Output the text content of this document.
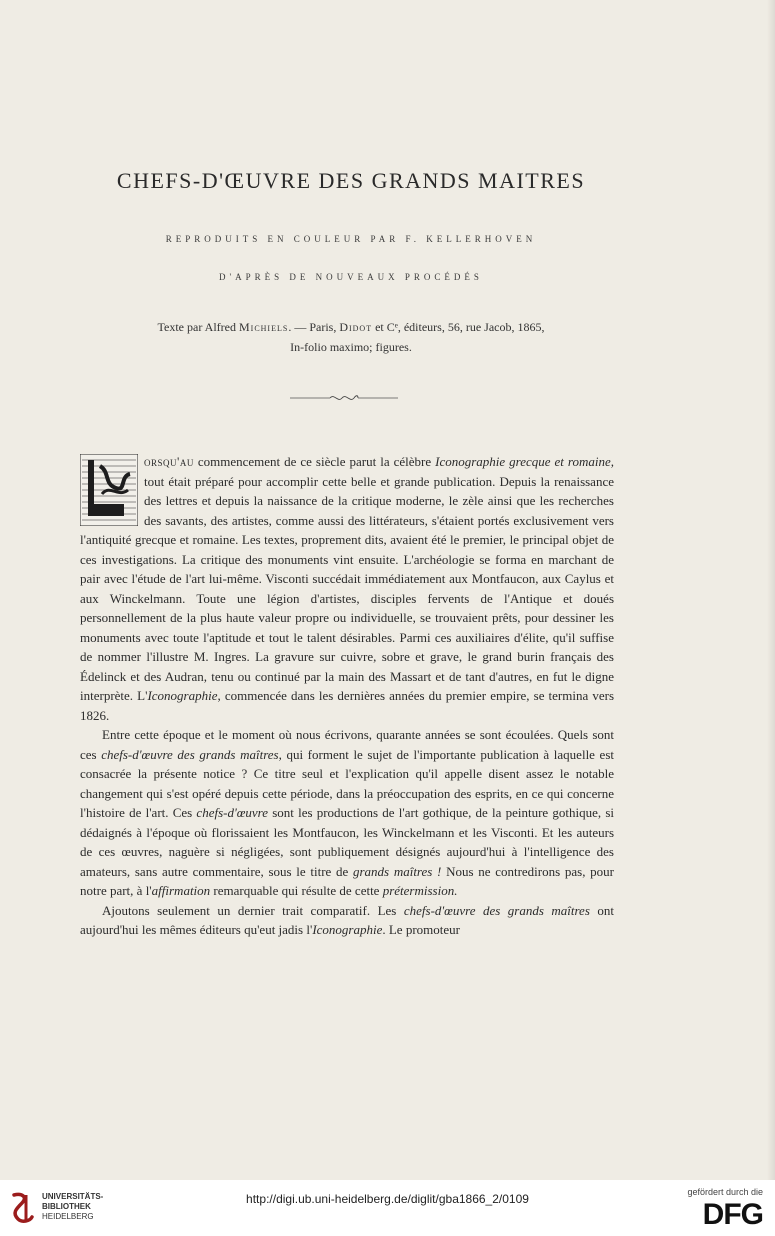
CHEFS-D'ŒUVRE DES GRANDS MAITRES
REPRODUITS EN COULEUR PAR F. KELLERHOVEN
D'APRÈS DE NOUVEAUX PROCÉDÉS
Texte par Alfred Michiels. — Paris, Didot et Cᵉ, éditeurs, 56, rue Jacob, 1865,
In-folio maximo; figures.

orsqu'au commencement de ce siècle parut la célèbre Iconographie grecque et romaine, tout était préparé pour accomplir cette belle et grande publication. Depuis la renaissance des lettres et depuis la naissance de la critique moderne, le zèle ainsi que les recherches des savants, des artistes, comme aussi des littérateurs, s'étaient portés exclusivement vers l'antiquité grecque et romaine. Les textes, proprement dits, avaient été le premier, le principal objet de ces investigations. La critique des monuments vint ensuite. L'archéologie se forma en marchant de pair avec l'étude de l'art lui-même. Visconti succédait immédiatement aux Montfaucon, aux Caylus et aux Winckelmann. Toute une légion d'artistes, disciples fervents de l'Antique et doués personnellement de la plus haute valeur propre ou individuelle, se trouvaient prêts, pour dessiner les monuments avec toute l'aptitude et tout le talent désirables. Parmi ces auxiliaires d'élite, qu'il suffise de nommer l'illustre M. Ingres. La gravure sur cuivre, sobre et grave, le grand burin français des Édelinck et des Audran, tenu ou continué par la main des Massart et de tant d'autres, en fut le digne interprète. L'Iconographie, commencée dans les dernières années du premier empire, se termina vers 1826.

Entre cette époque et le moment où nous écrivons, quarante années se sont écoulées. Quels sont ces chefs-d'œuvre des grands maîtres, qui forment le sujet de l'importante publication à laquelle est consacrée la présente notice ? Ce titre seul et l'explication qu'il appelle disent assez le notable changement qui s'est opéré depuis cette période, dans la préoccupation des esprits, en ce qui concerne l'histoire de l'art. Ces chefs-d'œuvre sont les productions de l'art gothique, de la peinture gothique, si dédaignés à l'époque où florissaient les Montfaucon, les Winckelmann et les Visconti. Et les auteurs de ces œuvres, naguère si négligées, sont publiquement désignés aujourd'hui à l'intelligence des amateurs, sans autre commentaire, sous le titre de grands maîtres ! Nous ne contredirons pas, pour notre part, à l'affirmation remarquable qui résulte de cette prétermission.

Ajoutons seulement un dernier trait comparatif. Les chefs-d'œuvre des grands maîtres ont aujourd'hui les mêmes éditeurs qu'eut jadis l'Iconographie. Le promoteur

UNIVERSITÄTS-
BIBLIOTHEK
HEIDELBERG
http://digi.ub.uni-heidelberg.de/diglit/gba1866_2/0109	gefördert durch die
DFG
